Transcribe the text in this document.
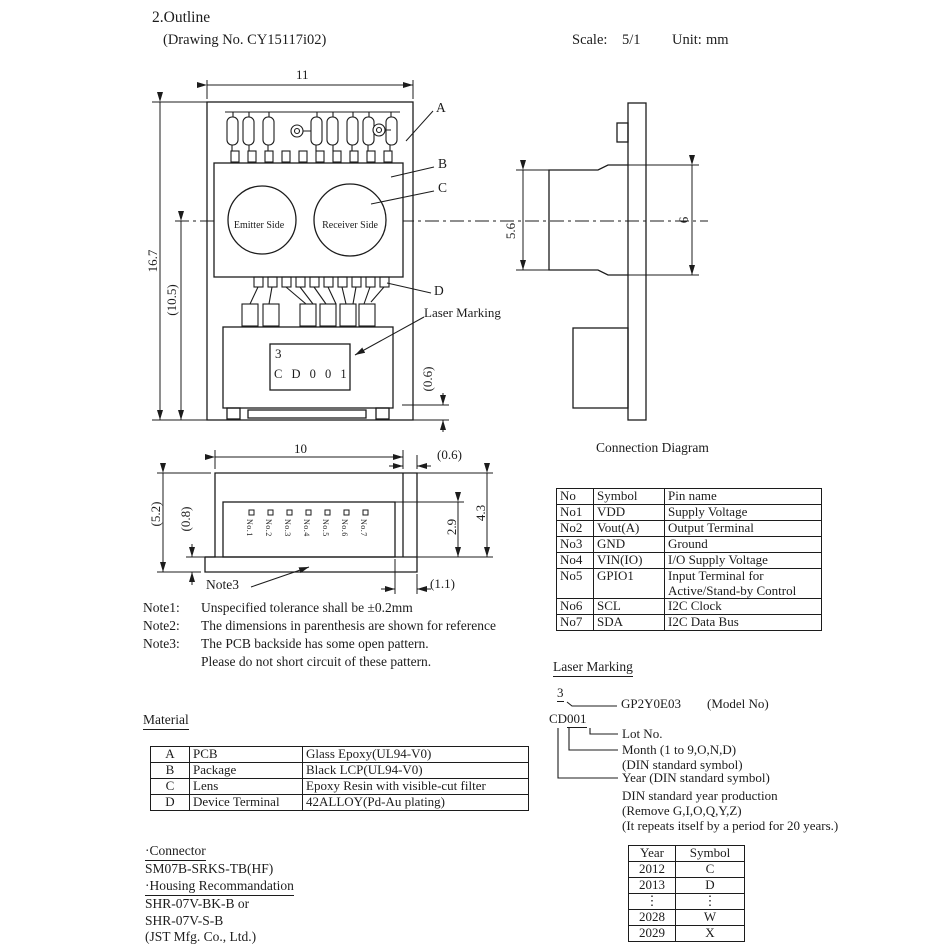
2.Outline
(Drawing No. CY15117i02)	Scale: 5/1 Unit: mm
11
16.7
(10.5)
(0.6)
A
B
C
D
Laser Marking
Emitter Side	Receiver Side
3
C D 0 0 1
5.6
6
10	(0.6)
(5.2) (0.8)	2.9
4.3
(1.1)
Note3
No.1 No.2 No.3 No.4 No.5 No.6 No.7
Note1: Unspecified tolerance shall be ±0.2mm
Note2: The dimensions in parenthesis are shown for reference
Note3: The PCB backside has some open pattern.
Please do not short circuit of these pattern.
Connection Diagram
No	Symbol	Pin name
No1	VDD	Supply Voltage
No2	Vout(A)	Output Terminal
No3	GND	Ground
No4	VIN(IO)	I/O Supply Voltage
No5	GPIO1	Input Terminal for Active/Stand-by Control
No6	SCL	I2C Clock
No7	SDA	I2C Data Bus
Laser Marking
3
GP2Y0E03 (Model No)
CD 001
Lot No.
Month (1 to 9,O,N,D)
(DIN standard symbol)
Year (DIN standard symbol)
DIN standard year production
(Remove G,I,O,Q,Y,Z)
(It repeats itself by a period for 20 years.)
Year	Symbol
2012	C
2013	D
⋮	⋮
2028	W
2029	X
Material
A	PCB	Glass Epoxy(UL94-V0)
B	Package	Black LCP(UL94-V0)
C	Lens	Epoxy Resin with visible-cut filter
D	Device Terminal	42ALLOY(Pd-Au plating)
·Connector
SM07B-SRKS-TB(HF)
·Housing Recommandation
SHR-07V-BK-B or
SHR-07V-S-B
(JST Mfg. Co., Ltd.)
